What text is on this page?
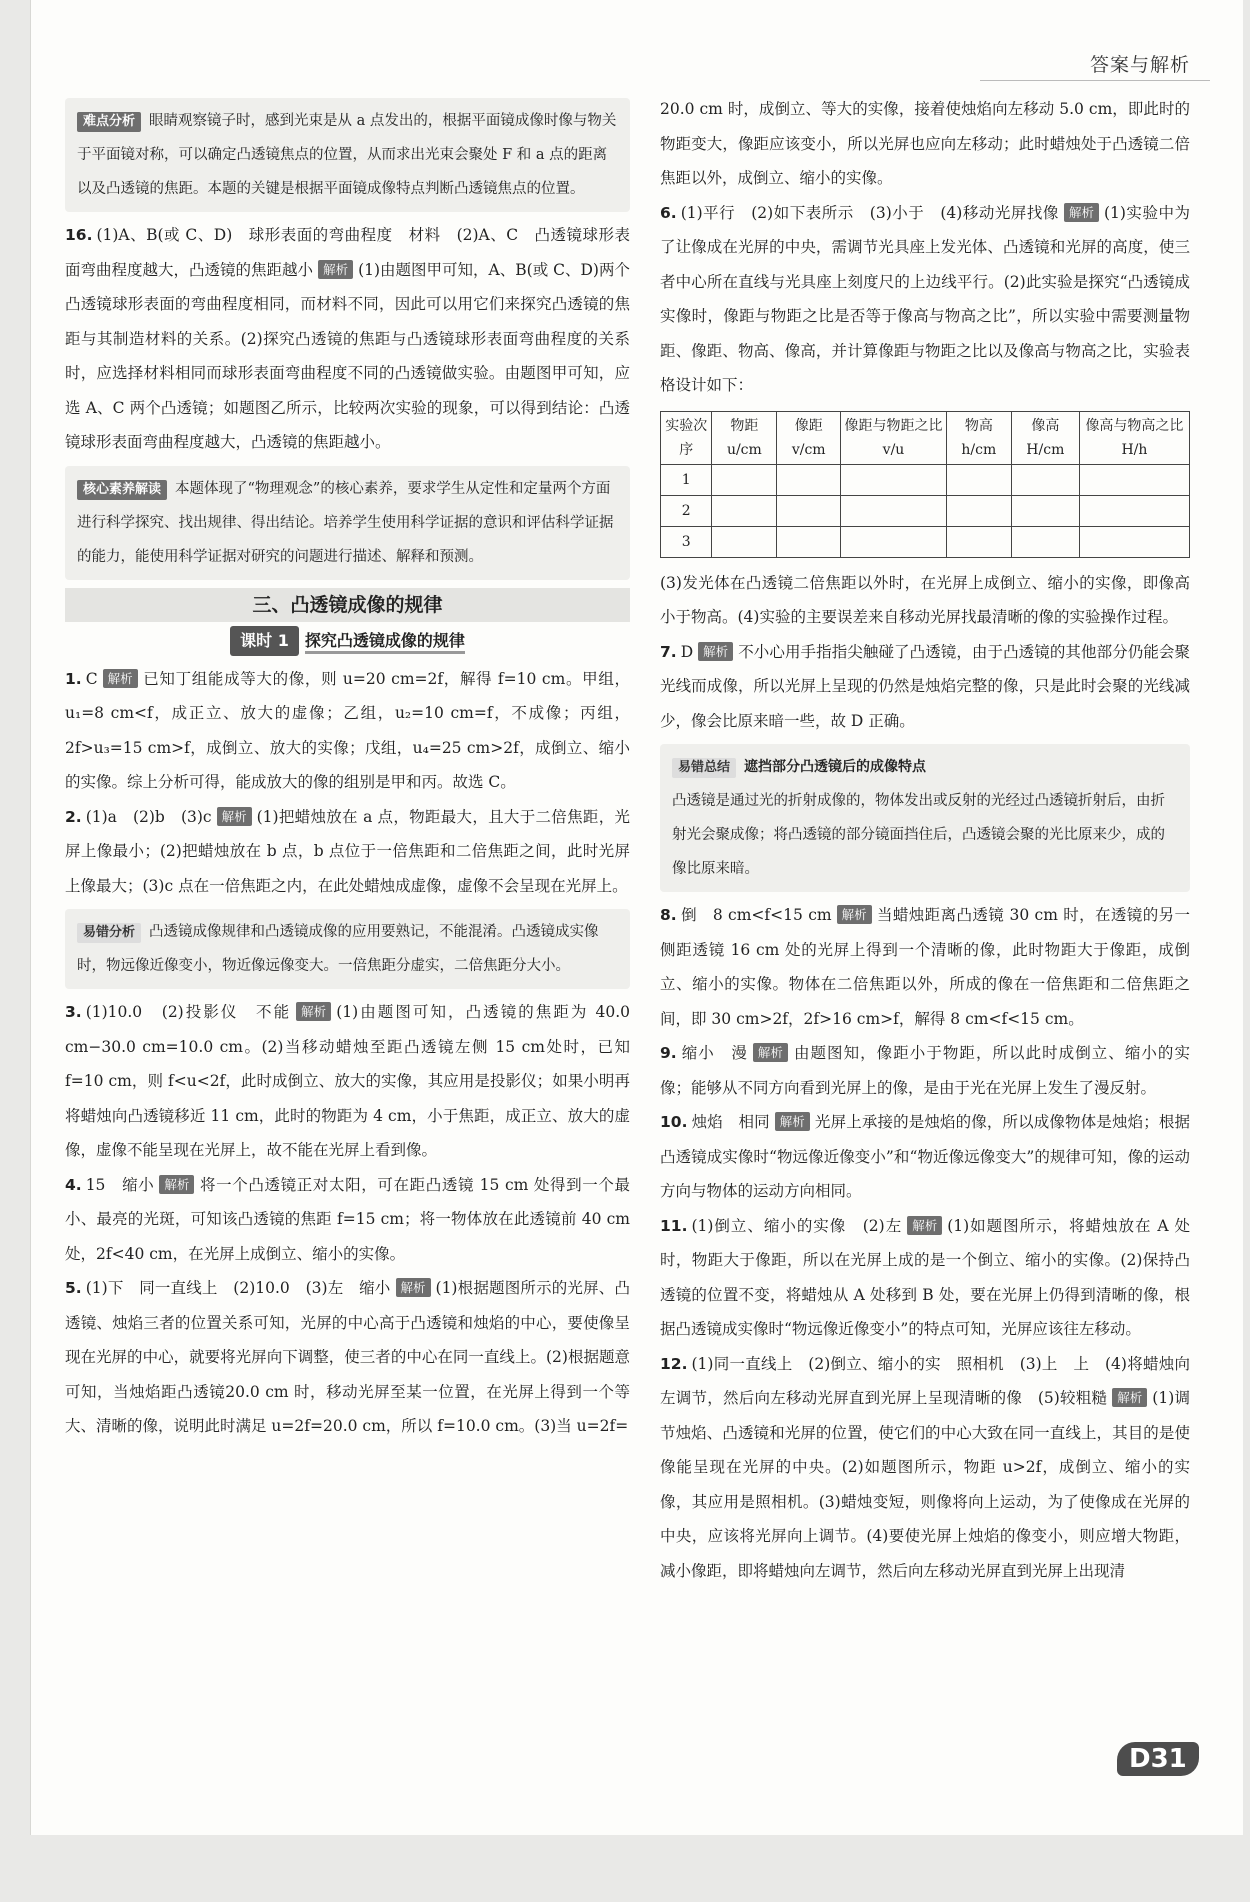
答案与解析
难点分析 眼睛观察镜子时，感到光束是从 a 点发出的，根据平面镜成像时像与物关于平面镜对称，可以确定凸透镜焦点的位置，从而求出光束会聚处 F 和 a 点的距离以及凸透镜的焦距。本题的关键是根据平面镜成像特点判断凸透镜焦点的位置。

16. (1)A、B(或 C、D)　球形表面的弯曲程度　材料　(2)A、C　凸透镜球形表面弯曲程度越大，凸透镜的焦距越小 解析 (1)由题图甲可知，A、B(或 C、D)两个凸透镜球形表面的弯曲程度相同，而材料不同，因此可以用它们来探究凸透镜的焦距与其制造材料的关系。(2)探究凸透镜的焦距与凸透镜球形表面弯曲程度的关系时，应选择材料相同而球形表面弯曲程度不同的凸透镜做实验。由题图甲可知，应选 A、C 两个凸透镜；如题图乙所示，比较两次实验的现象，可以得到结论：凸透镜球形表面弯曲程度越大，凸透镜的焦距越小。

核心素养解读 本题体现了“物理观念”的核心素养，要求学生从定性和定量两个方面进行科学探究、找出规律、得出结论。培养学生使用科学证据的意识和评估科学证据的能力，能使用科学证据对研究的问题进行描述、解释和预测。
三、凸透镜成像的规律
课时 1 探究凸透镜成像的规律

1. C 解析 已知丁组能成等大的像，则 u=20 cm=2f，解得 f=10 cm。甲组，u₁=8 cm<f，成正立、放大的虚像；乙组，u₂=10 cm=f，不成像；丙组，2f>u₃=15 cm>f，成倒立、放大的实像；戊组，u₄=25 cm>2f，成倒立、缩小的实像。综上分析可得，能成放大的像的组别是甲和丙。故选 C。

2. (1)a　(2)b　(3)c 解析 (1)把蜡烛放在 a 点，物距最大，且大于二倍焦距，光屏上像最小；(2)把蜡烛放在 b 点，b 点位于一倍焦距和二倍焦距之间，此时光屏上像最大；(3)c 点在一倍焦距之内，在此处蜡烛成虚像，虚像不会呈现在光屏上。

易错分析 凸透镜成像规律和凸透镜成像的应用要熟记，不能混淆。凸透镜成实像时，物远像近像变小，物近像远像变大。一倍焦距分虚实，二倍焦距分大小。

3. (1)10.0　(2)投影仪　不能 解析 (1)由题图可知，凸透镜的焦距为 40.0 cm−30.0 cm=10.0 cm。(2)当移动蜡烛至距凸透镜左侧 15 cm处时，已知 f=10 cm，则 f<u<2f，此时成倒立、放大的实像，其应用是投影仪；如果小明再将蜡烛向凸透镜移近 11 cm，此时的物距为 4 cm，小于焦距，成正立、放大的虚像，虚像不能呈现在光屏上，故不能在光屏上看到像。

4. 15　缩小 解析 将一个凸透镜正对太阳，可在距凸透镜 15 cm 处得到一个最小、最亮的光斑，可知该凸透镜的焦距 f=15 cm；将一物体放在此透镜前 40 cm 处，2f<40 cm，在光屏上成倒立、缩小的实像。

5. (1)下　同一直线上　(2)10.0　(3)左　缩小 解析 (1)根据题图所示的光屏、凸透镜、烛焰三者的位置关系可知，光屏的中心高于凸透镜和烛焰的中心，要使像呈现在光屏的中心，就要将光屏向下调整，使三者的中心在同一直线上。(2)根据题意可知，当烛焰距凸透镜20.0 cm 时，移动光屏至某一位置，在光屏上得到一个等大、清晰的像，说明此时满足 u=2f=20.0 cm，所以 f=10.0 cm。(3)当 u=2f=

20.0 cm 时，成倒立、等大的实像，接着使烛焰向左移动 5.0 cm，即此时的物距变大，像距应该变小，所以光屏也应向左移动；此时蜡烛处于凸透镜二倍焦距以外，成倒立、缩小的实像。

6. (1)平行　(2)如下表所示　(3)小于　(4)移动光屏找像 解析 (1)实验中为了让像成在光屏的中央，需调节光具座上发光体、凸透镜和光屏的高度，使三者中心所在直线与光具座上刻度尺的上边线平行。(2)此实验是探究“凸透镜成实像时，像距与物距之比是否等于像高与物高之比”，所以实验中需要测量物距、像距、物高、像高，并计算像距与物距之比以及像高与物高之比，实验表格设计如下：

实验次序	物距 u/cm	像距 v/cm	像距与物距之比 v/u	物高 h/cm	像高 H/cm	像高与物高之比 H/h
1						
2						
3						

(3)发光体在凸透镜二倍焦距以外时，在光屏上成倒立、缩小的实像，即像高小于物高。(4)实验的主要误差来自移动光屏找最清晰的像的实验操作过程。

7. D 解析 不小心用手指指尖触碰了凸透镜，由于凸透镜的其他部分仍能会聚光线而成像，所以光屏上呈现的仍然是烛焰完整的像，只是此时会聚的光线减少，像会比原来暗一些，故 D 正确。

易错总结 遮挡部分凸透镜后的成像特点
凸透镜是通过光的折射成像的，物体发出或反射的光经过凸透镜折射后，由折射光会聚成像；将凸透镜的部分镜面挡住后，凸透镜会聚的光比原来少，成的像比原来暗。

8. 倒　8 cm<f<15 cm 解析 当蜡烛距离凸透镜 30 cm 时，在透镜的另一侧距透镜 16 cm 处的光屏上得到一个清晰的像，此时物距大于像距，成倒立、缩小的实像。物体在二倍焦距以外，所成的像在一倍焦距和二倍焦距之间，即 30 cm>2f，2f>16 cm>f，解得 8 cm<f<15 cm。

9. 缩小　漫 解析 由题图知，像距小于物距，所以此时成倒立、缩小的实像；能够从不同方向看到光屏上的像，是由于光在光屏上发生了漫反射。

10. 烛焰　相同 解析 光屏上承接的是烛焰的像，所以成像物体是烛焰；根据凸透镜成实像时“物远像近像变小”和“物近像远像变大”的规律可知，像的运动方向与物体的运动方向相同。

11. (1)倒立、缩小的实像　(2)左 解析 (1)如题图所示，将蜡烛放在 A 处时，物距大于像距，所以在光屏上成的是一个倒立、缩小的实像。(2)保持凸透镜的位置不变，将蜡烛从 A 处移到 B 处，要在光屏上仍得到清晰的像，根据凸透镜成实像时“物远像近像变小”的特点可知，光屏应该往左移动。

12. (1)同一直线上　(2)倒立、缩小的实　照相机　(3)上　上　(4)将蜡烛向左调节，然后向左移动光屏直到光屏上呈现清晰的像　(5)较粗糙 解析 (1)调节烛焰、凸透镜和光屏的位置，使它们的中心大致在同一直线上，其目的是使像能呈现在光屏的中央。(2)如题图所示，物距 u>2f，成倒立、缩小的实像，其应用是照相机。(3)蜡烛变短，则像将向上运动，为了使像成在光屏的中央，应该将光屏向上调节。(4)要使光屏上烛焰的像变小，则应增大物距，减小像距，即将蜡烛向左调节，然后向左移动光屏直到光屏上出现清

D31
